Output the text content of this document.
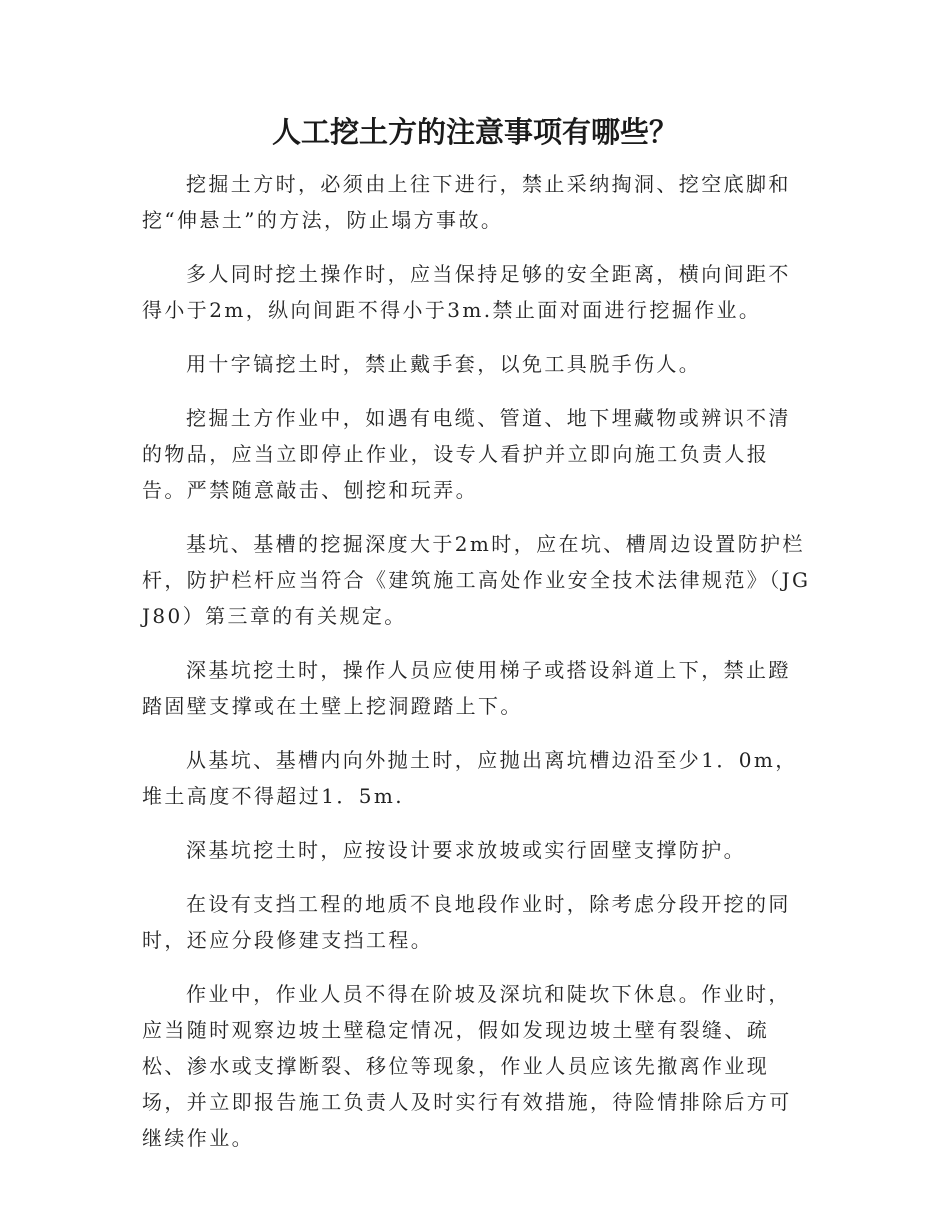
人工挖土方的注意事项有哪些？

挖掘土方时，必须由上往下进行，禁止采纳掏洞、挖空底脚和挖“伸悬土”的方法，防止塌方事故。

多人同时挖土操作时，应当保持足够的安全距离，横向间距不得小于2m，纵向间距不得小于3m.禁止面对面进行挖掘作业。

用十字镐挖土时，禁止戴手套，以免工具脱手伤人。

挖掘土方作业中，如遇有电缆、管道、地下埋藏物或辨识不清的物品，应当立即停止作业，设专人看护并立即向施工负责人报告。严禁随意敲击、刨挖和玩弄。

基坑、基槽的挖掘深度大于2m时，应在坑、槽周边设置防护栏杆，防护栏杆应当符合《建筑施工高处作业安全技术法律规范》（JGJ80）第三章的有关规定。

深基坑挖土时，操作人员应使用梯子或搭设斜道上下，禁止蹬踏固壁支撑或在土壁上挖洞蹬踏上下。

从基坑、基槽内向外抛土时，应抛出离坑槽边沿至少1．0m，堆土高度不得超过1．5m.

深基坑挖土时，应按设计要求放坡或实行固壁支撑防护。

在设有支挡工程的地质不良地段作业时，除考虑分段开挖的同时，还应分段修建支挡工程。

作业中，作业人员不得在阶坡及深坑和陡坎下休息。作业时，应当随时观察边坡土壁稳定情况，假如发现边坡土壁有裂缝、疏松、渗水或支撑断裂、移位等现象，作业人员应该先撤离作业现场，并立即报告施工负责人及时实行有效措施，待险情排除后方可继续作业。
